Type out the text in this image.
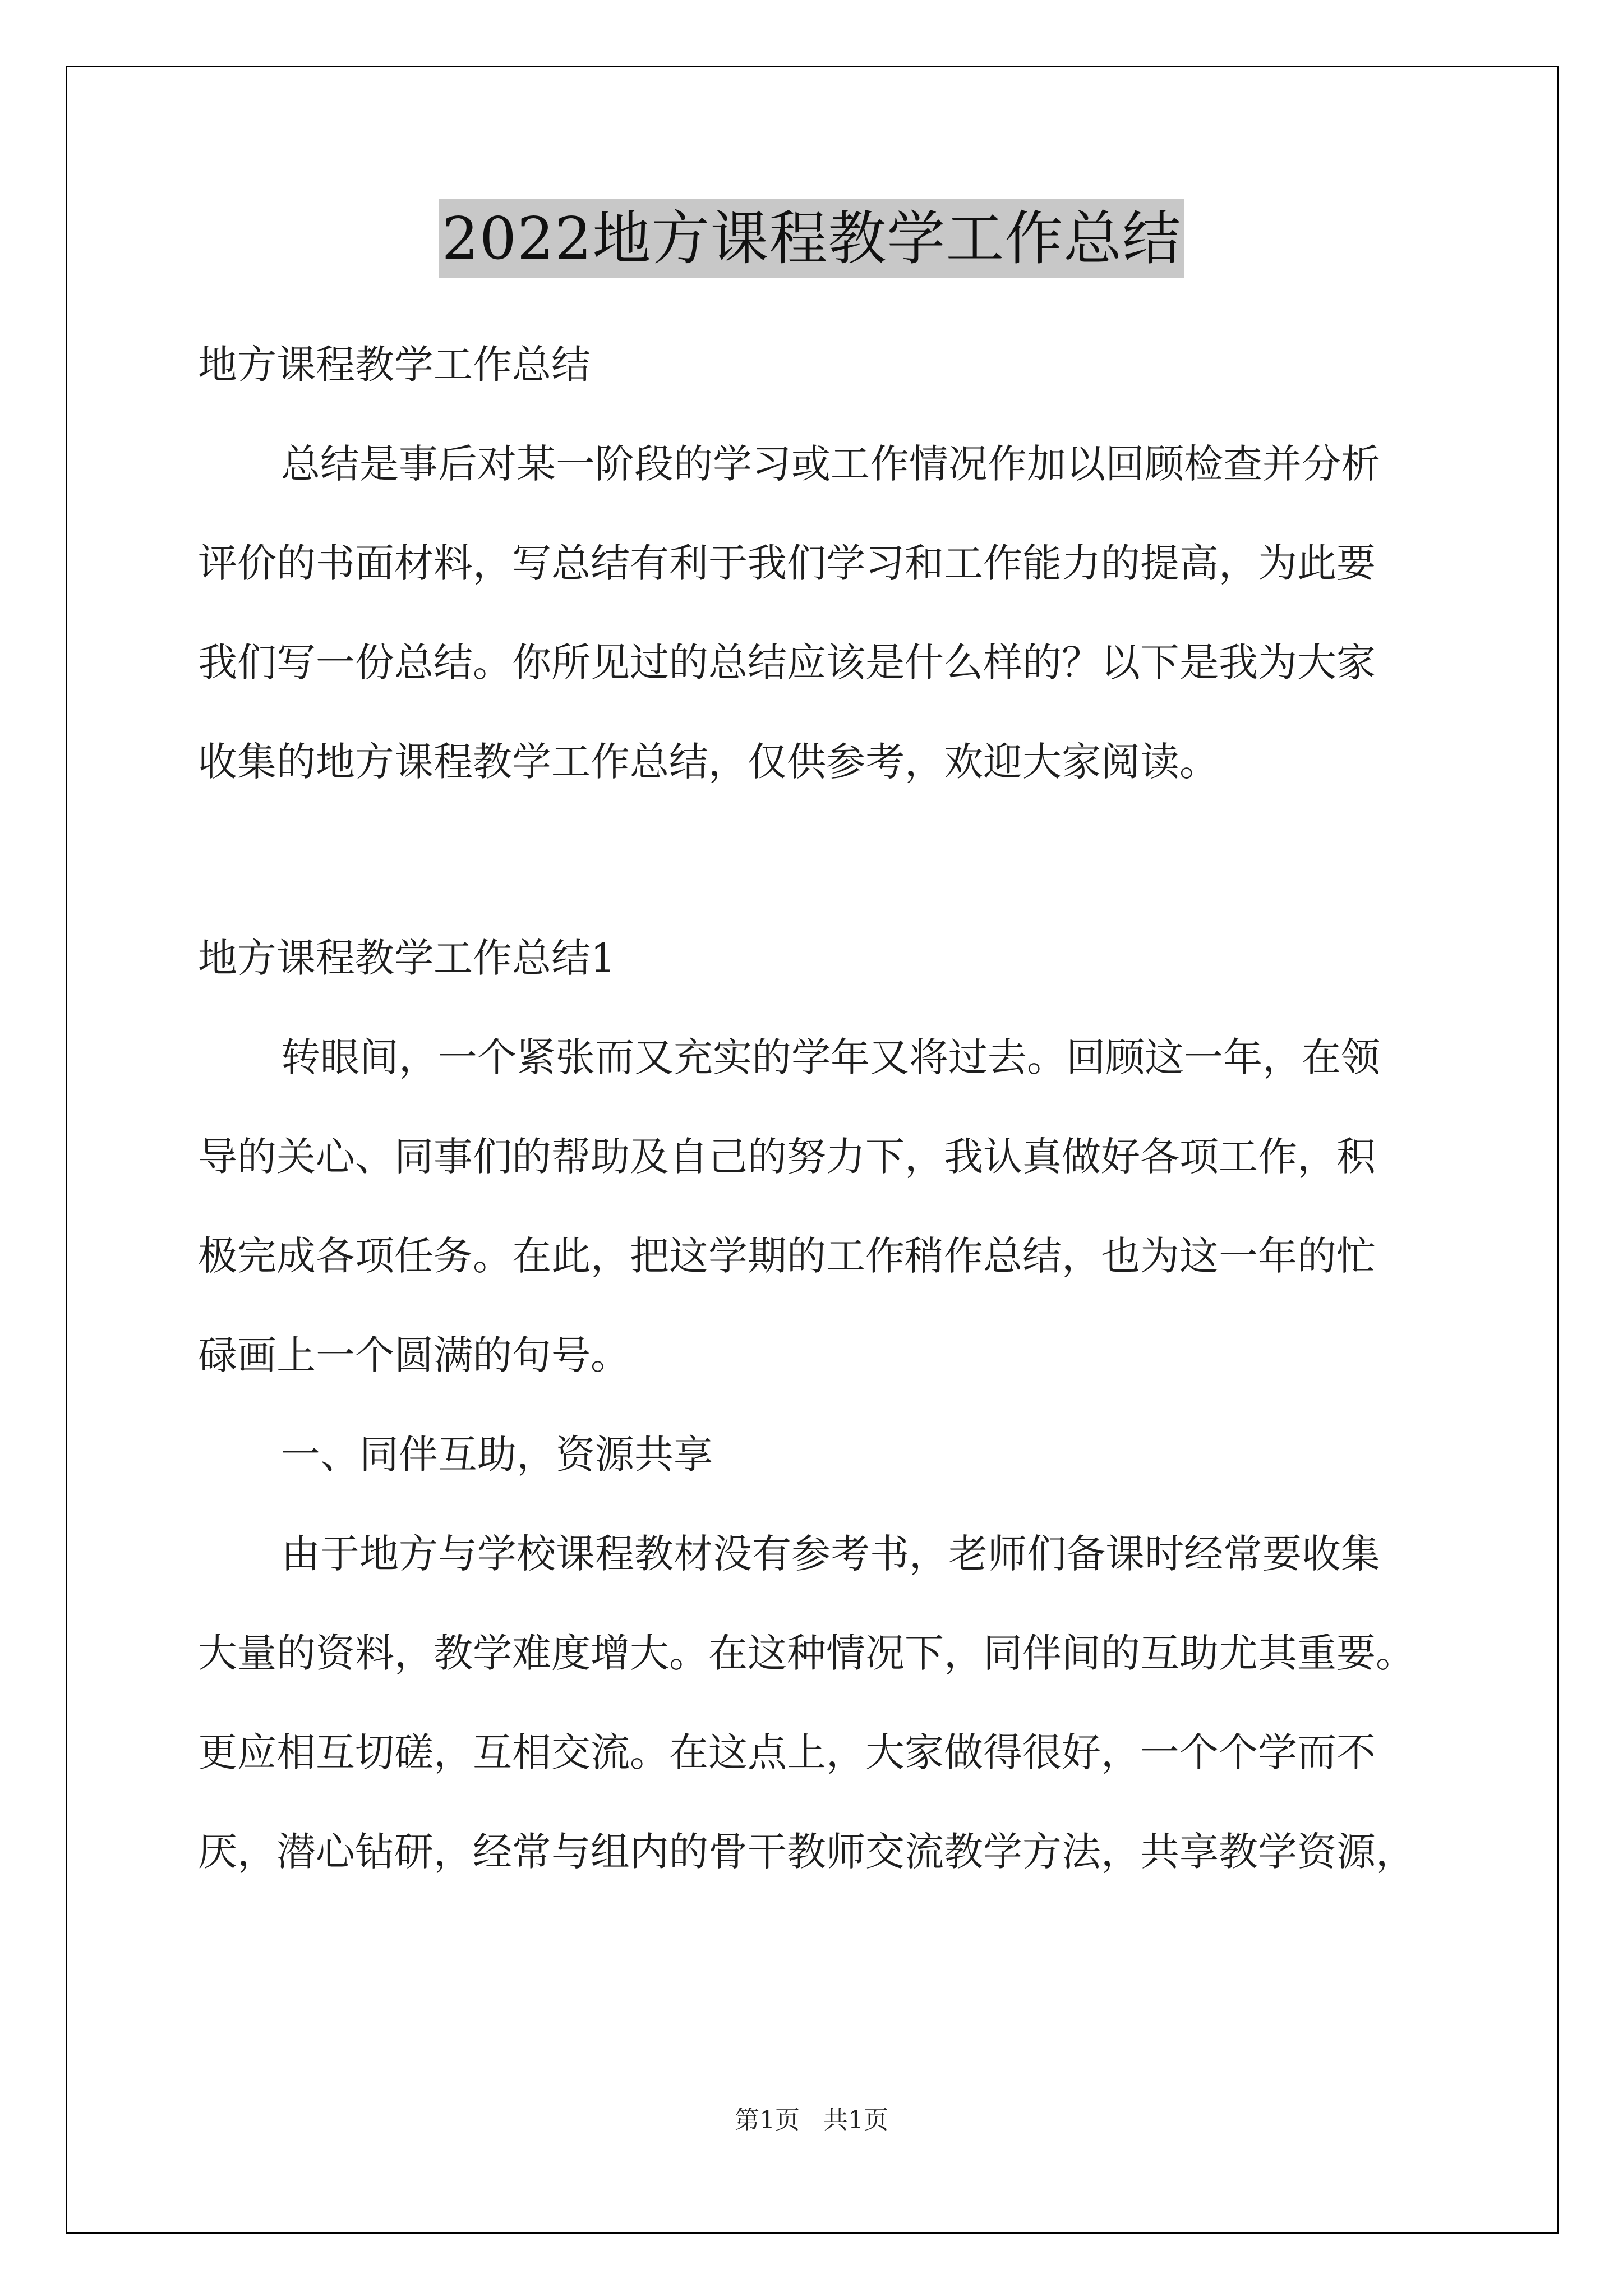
2022地方课程教学工作总结

地方课程教学工作总结

总结是事后对某一阶段的学习或工作情况作加以回顾检查并分析

评价的书面材料，写总结有利于我们学习和工作能力的提高，为此要

我们写一份总结。你所见过的总结应该是什么样的？以下是我为大家

收集的地方课程教学工作总结，仅供参考，欢迎大家阅读。

地方课程教学工作总结1

转眼间，一个紧张而又充实的学年又将过去。回顾这一年，在领

导的关心、同事们的帮助及自己的努力下，我认真做好各项工作，积

极完成各项任务。在此，把这学期的工作稍作总结，也为这一年的忙

碌画上一个圆满的句号。

一、同伴互助，资源共享

由于地方与学校课程教材没有参考书，老师们备课时经常要收集

大量的资料，教学难度增大。在这种情况下，同伴间的互助尤其重要。

更应相互切磋，互相交流。在这点上，大家做得很好，一个个学而不

厌，潜心钻研，经常与组内的骨干教师交流教学方法，共享教学资源，

第1页   共1页
